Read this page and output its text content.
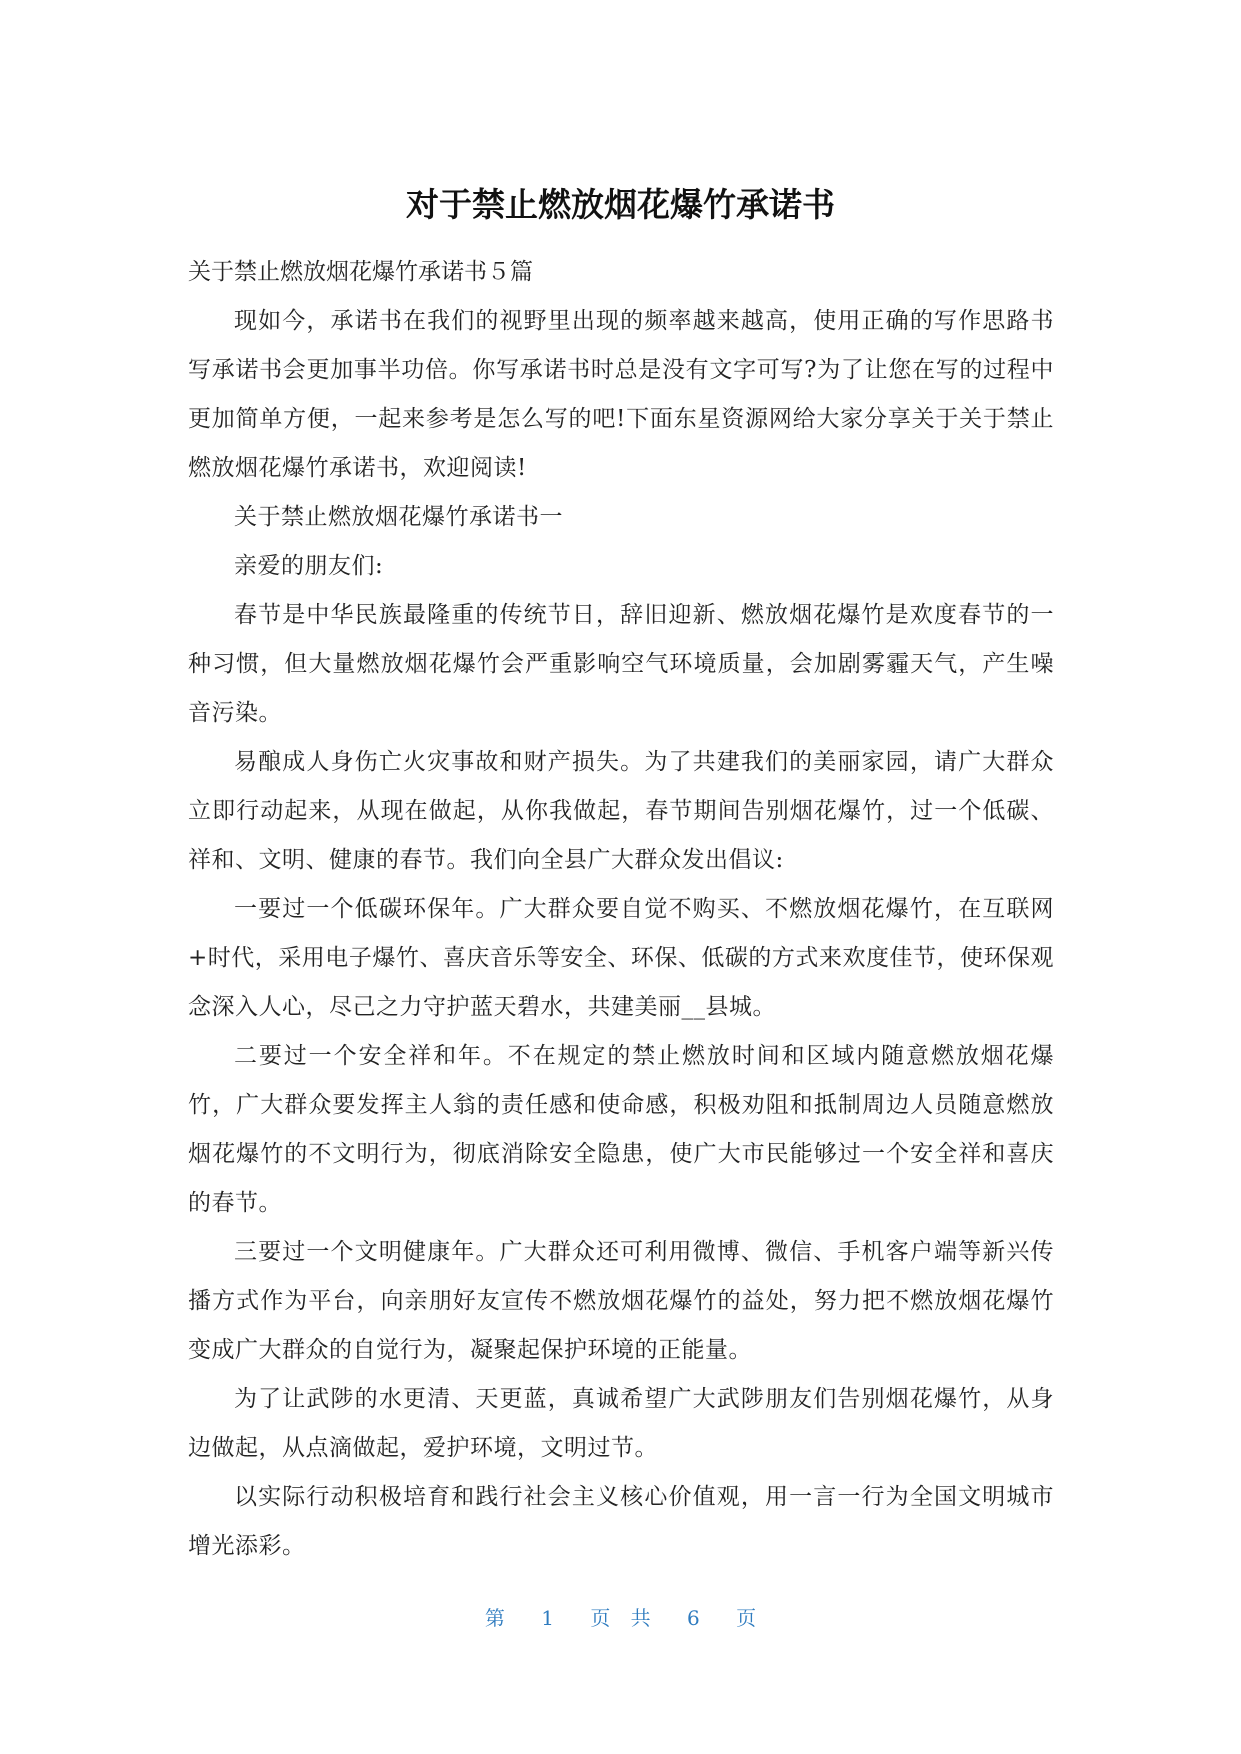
对于禁止燃放烟花爆竹承诺书
关于禁止燃放烟花爆竹承诺书５篇

现如今，承诺书在我们的视野里出现的频率越来越高，使用正确的写作思路书写承诺书会更加事半功倍。你写承诺书时总是没有文字可写?为了让您在写的过程中更加简单方便，一起来参考是怎么写的吧!下面东星资源网给大家分享关于关于禁止燃放烟花爆竹承诺书，欢迎阅读!

关于禁止燃放烟花爆竹承诺书一

亲爱的朋友们:

春节是中华民族最隆重的传统节日，辞旧迎新、燃放烟花爆竹是欢度春节的一种习惯，但大量燃放烟花爆竹会严重影响空气环境质量，会加剧雾霾天气，产生噪音污染。

易酿成人身伤亡火灾事故和财产损失。为了共建我们的美丽家园，请广大群众立即行动起来，从现在做起，从你我做起，春节期间告别烟花爆竹，过一个低碳、祥和、文明、健康的春节。我们向全县广大群众发出倡议:

一要过一个低碳环保年。广大群众要自觉不购买、不燃放烟花爆竹，在互联网+时代，采用电子爆竹、喜庆音乐等安全、环保、低碳的方式来欢度佳节，使环保观念深入人心，尽己之力守护蓝天碧水，共建美丽__县城。

二要过一个安全祥和年。不在规定的禁止燃放时间和区域内随意燃放烟花爆竹，广大群众要发挥主人翁的责任感和使命感，积极劝阻和抵制周边人员随意燃放烟花爆竹的不文明行为，彻底消除安全隐患，使广大市民能够过一个安全祥和喜庆的春节。

三要过一个文明健康年。广大群众还可利用微博、微信、手机客户端等新兴传播方式作为平台，向亲朋好友宣传不燃放烟花爆竹的益处，努力把不燃放烟花爆竹变成广大群众的自觉行为，凝聚起保护环境的正能量。

为了让武陟的水更清、天更蓝，真诚希望广大武陟朋友们告别烟花爆竹，从身边做起，从点滴做起，爱护环境，文明过节。

以实际行动积极培育和践行社会主义核心价值观，用一言一行为全国文明城市增光添彩。

第 1 页 共 6 页
